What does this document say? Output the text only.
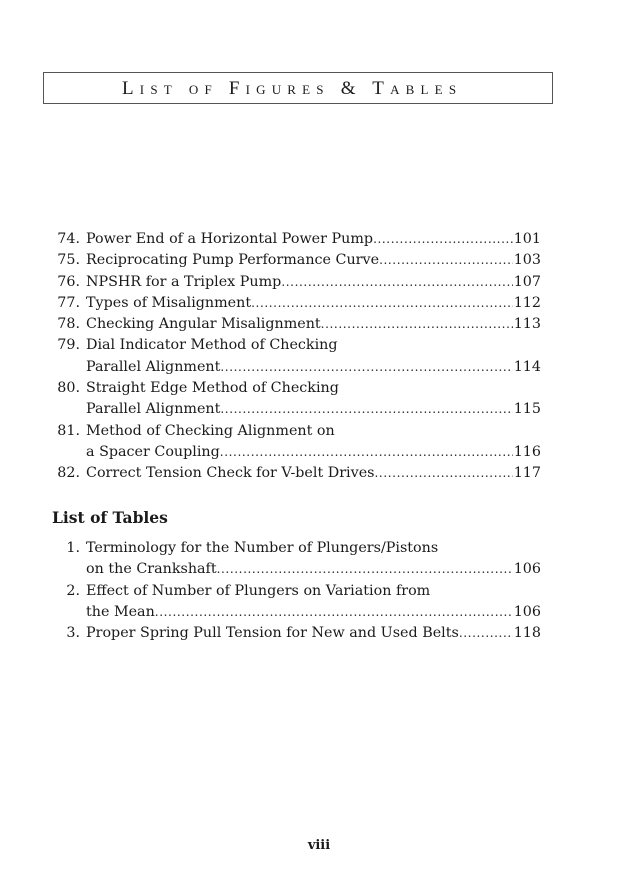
List of Figures & Tables
74. Power End of a Horizontal Power Pump .....	101
75. Reciprocating Pump Performance Curve .....	103
76. NPSHR for a Triplex Pump .....	107
77. Types of Misalignment .....	112
78. Checking Angular Misalignment .....	113
79. Dial Indicator Method of Checking
Parallel Alignment .....	114
80. Straight Edge Method of Checking
Parallel Alignment .....	115
81. Method of Checking Alignment on
a Spacer Coupling .....	116
82. Correct Tension Check for V-belt Drives .....	117
List of Tables
1. Terminology for the Number of Plungers/Pistons
on the Crankshaft .....	106
2. Effect of Number of Plungers on Variation from
the Mean .....	106
3. Proper Spring Pull Tension for New and Used Belts .....	118
viii
